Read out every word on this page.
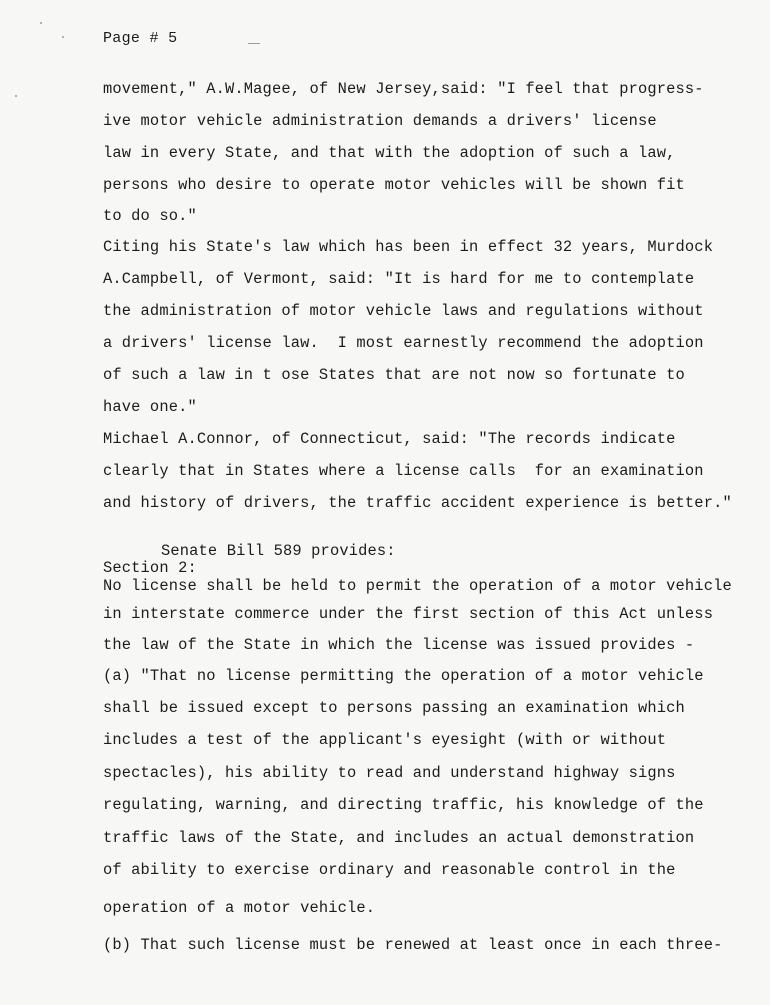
Page # 5
movement," A.W.Magee, of New Jersey,said: "I feel that progress-
ive motor vehicle administration demands a drivers' license
law in every State, and that with the adoption of such a law,
persons who desire to operate motor vehicles will be shown fit
to do so."
Citing his State's law which has been in effect 32 years, Murdock
A.Campbell, of Vermont, said: "It is hard for me to contemplate
the administration of motor vehicle laws and regulations without
a drivers' license law.  I most earnestly recommend the adoption
of such a law in t ose States that are not now so fortunate to
have one."
Michael A.Connor, of Connecticut, said: "The records indicate
clearly that in States where a license calls  for an examination
and history of drivers, the traffic accident experience is better."
Senate Bill 589 provides:
Section 2:
No license shall be held to permit the operation of a motor vehicle
in interstate commerce under the first section of this Act unless
the law of the State in which the license was issued provides -
(a) "That no license permitting the operation of a motor vehicle
shall be issued except to persons passing an examination which
includes a test of the applicant's eyesight (with or without
spectacles), his ability to read and understand highway signs
regulating, warning, and directing traffic, his knowledge of the
traffic laws of the State, and includes an actual demonstration
of ability to exercise ordinary and reasonable control in the
operation of a motor vehicle.
(b) That such license must be renewed at least once in each three-
